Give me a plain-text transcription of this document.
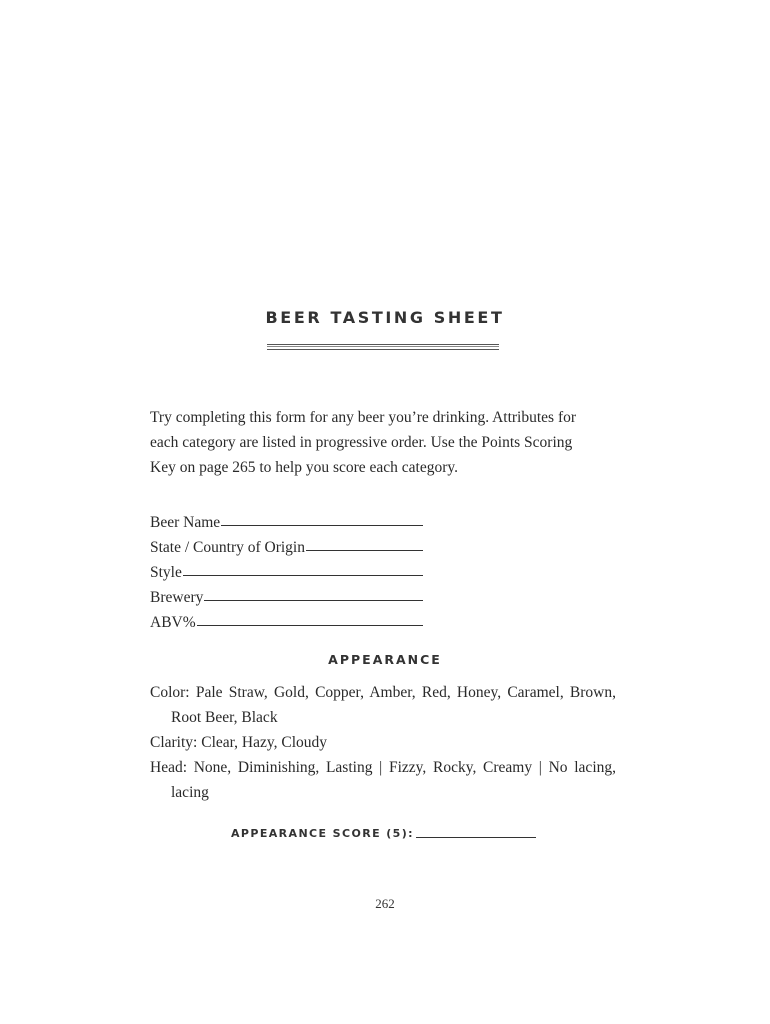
BEER TASTING SHEET

Try completing this form for any beer you’re drinking. Attributes for

each category are listed in progressive order. Use the Points Scoring

Key on page 265 to help you score each category.

Beer Name
State / Country of Origin
Style
Brewery
ABV%
APPEARANCE

Color: Pale Straw, Gold, Copper, Amber, Red, Honey, Caramel, Brown, Root Beer, Black

Clarity: Clear, Hazy, Cloudy

Head: None, Diminishing, Lasting | Fizzy, Rocky, Creamy | No lacing, lacing

APPEARANCE SCORE (5):
262
